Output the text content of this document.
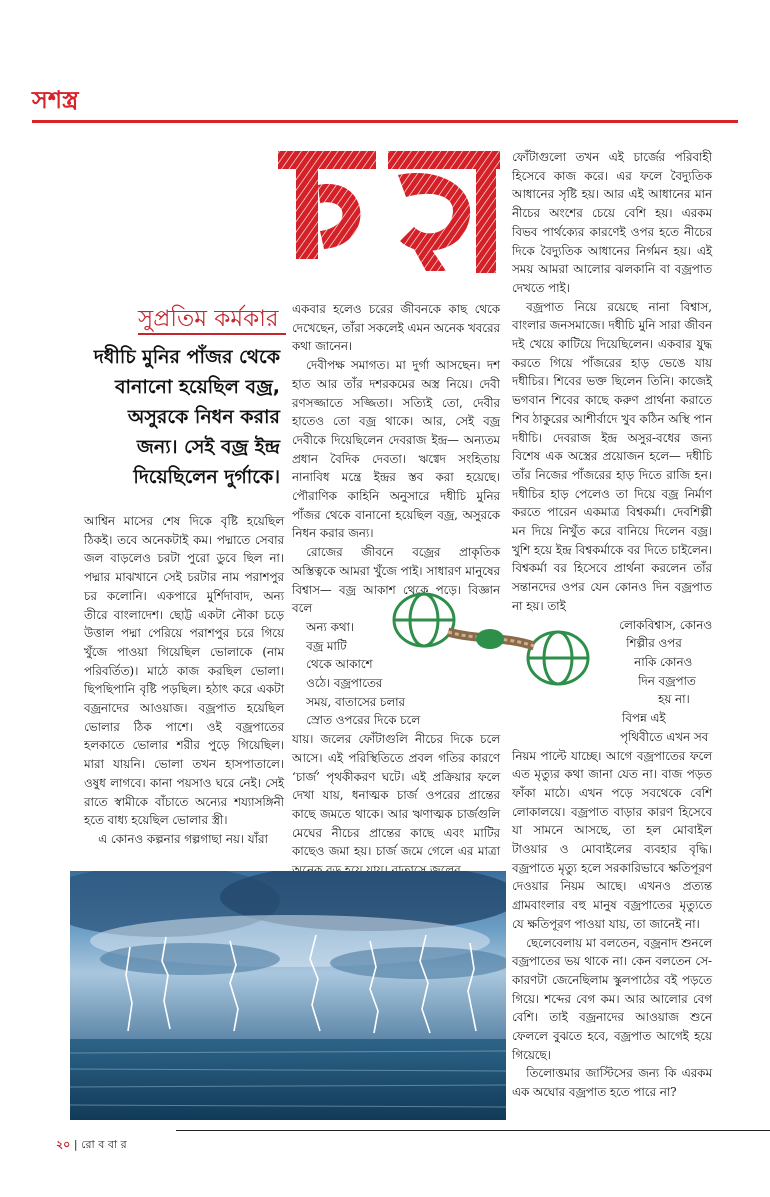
সশস্ত্র
সুপ্রতিম কর্মকার
দধীচি মুনির পাঁজর থেকে বানানো হয়েছিল বজ্র, অসুরকে নিধন করার জন্য। সেই বজ্র ইন্দ্র দিয়েছিলেন দুর্গাকে।

আশ্বিন মাসের শেষ দিকে বৃষ্টি হয়েছিল ঠিকই। তবে অনেকটাই কম। পদ্মাতে সেবার জল বাড়লেও চরটা পুরো ডুবে ছিল না। পদ্মার মাঝখানে সেই চরটার নাম পরাশপুর চর কলোনি। একপারে মুর্শিদাবাদ, অন্য তীরে বাংলাদেশ। ছোট্ট একটা নৌকা চড়ে উত্তাল পদ্মা পেরিয়ে পরাশপুর চরে গিয়ে খুঁজে পাওয়া গিয়েছিল ভোলাকে (নাম পরিবর্তিত)। মাঠে কাজ করছিল ভোলা। ছিপছিপানি বৃষ্টি পড়ছিল। হঠাৎ করে একটা বজ্রনাদের আওয়াজ। বজ্রপাত হয়েছিল ভোলার ঠিক পাশে। ওই বজ্রপাতের হলকাতে ভোলার শরীর পুড়ে গিয়েছিল। মারা যায়নি। ভোলা তখন হাসপাতালে। ওষুধ লাগবে। কানা পয়সাও ঘরে নেই। সেই রাতে স্বামীকে বাঁচাতে অন্যের শয্যাসঙ্গিনী হতে বাধ্য হয়েছিল ভোলার স্ত্রী।

এ কোনও কল্পনার গল্পগাছা নয়। যাঁরা

একবার হলেও চরের জীবনকে কাছ থেকে দেখেছেন, তাঁরা সকলেই এমন অনেক খবরের কথা জানেন।

দেবীপক্ষ সমাগত। মা দুর্গা আসছেন। দশ হাত আর তাঁর দশরকমের অস্ত্র নিয়ে। দেবী রণসজ্জাতে সজ্জিতা। সত্যিই তো, দেবীর হাতেও তো বজ্র থাকে। আর, সেই বজ্র দেবীকে দিয়েছিলেন দেবরাজ ইন্দ্র— অন্যতম প্রধান বৈদিক দেবতা। ঋগ্বেদ সংহিতায় নানাবিধ মন্ত্রে ইন্দ্রর স্তব করা হয়েছে। পৌরাণিক কাহিনি অনুসারে দধীচি মুনির পাঁজর থেকে বানানো হয়েছিল বজ্র, অসুরকে নিধন করার জন্য।

রোজের জীবনে বজ্রের প্রাকৃতিক অস্তিত্বকে আমরা খুঁজে পাই। সাধারণ মানুষের বিশ্বাস— বজ্র আকাশ থেকে পড়ে। বিজ্ঞান বলে
অন্য কথা।
বজ্র মাটি
থেকে আকাশে
ওঠে। বজ্রপাতের
সময়, বাতাসের চলার
স্রোত ওপরের দিকে চলে
যায়। জলের ফোঁটাগুলি নীচের দিকে চলে আসে। এই পরিস্থিতিতে প্রবল গতির কারণে ‘চার্জ’ পৃথকীকরণ ঘটে। এই প্রক্রিয়ার ফলে দেখা যায়, ধনাত্মক চার্জ ওপরের প্রান্তের কাছে জমতে থাকে। আর ঋণাত্মক চার্জগুলি মেঘের নীচের প্রান্তের কাছে এবং মাটির কাছেও জমা হয়। চার্জ জমে গেলে এর মাত্রা

ফোঁটাগুলো তখন এই চার্জের পরিবাহী হিসেবে কাজ করে। এর ফলে বৈদ্যুতিক আধানের সৃষ্টি হয়। আর এই আধানের মান নীচের অংশের চেয়ে বেশি হয়। এরকম বিভব পার্থক্যের কারণেই ওপর হতে নীচের দিকে বৈদ্যুতিক আধানের নির্গমন হয়। এই সময় আমরা আলোর ঝলকানি বা বজ্রপাত দেখতে পাই।

বজ্রপাত নিয়ে রয়েছে নানা বিশ্বাস, বাংলার জনসমাজে। দধীচি মুনি সারা জীবন দই খেয়ে কাটিয়ে দিয়েছিলেন। একবার যুদ্ধ করতে গিয়ে পাঁজরের হাড় ভেঙে যায় দধীচির। শিবের ভক্ত ছিলেন তিনি। কাজেই ভগবান শিবের কাছে করুণ প্রার্থনা করাতে শিব ঠাকুরের আশীর্বাদে খুব কঠিন অস্থি পান দধীচি। দেবরাজ ইন্দ্র অসুর-বধের জন্য বিশেষ এক অস্ত্রের প্রয়োজন হলে— দধীচি তাঁর নিজের পাঁজরের হাড় দিতে রাজি হন। দধীচির হাড় পেলেও তা দিয়ে বজ্র নির্মাণ করতে পারেন একমাত্র বিশ্বকর্মা। দেবশিল্পী মন দিয়ে নিখুঁত করে বানিয়ে দিলেন বজ্র। খুশি হয়ে ইন্দ্র বিশ্বকর্মাকে বর দিতে চাইলেন। বিশ্বকর্মা বর হিসেবে প্রার্থনা করলেন তাঁর সন্তানদের ওপর যেন কোনও দিন বজ্রপাত না হয়। তাই
লোকবিশ্বাস, কোনও
শিল্পীর ওপর
নাকি কোনও
দিন বজ্রপাত
হয় না।

বিপন্ন এই
পৃথিবীতে এখন সব
নিয়ম পাল্টে যাচ্ছে। আগে বজ্রপাতের ফলে এত মৃত্যুর কথা জানা যেত না। বাজ পড়ত ফাঁকা মাঠে। এখন পড়ে সবথেকে বেশি লোকালয়ে। বজ্রপাত বাড়ার কারণ হিসেবে যা সামনে আসছে, তা হল মোবাইল টাওয়ার ও মোবাইলের ব্যবহার বৃদ্ধি। বজ্রপাতে মৃত্যু হলে সরকারিভাবে ক্ষতিপূরণ দেওয়ার নিয়ম আছে। এখনও প্রত্যন্ত গ্রামবাংলার বহু মানুষ বজ্রপাতের মৃত্যুতে যে ক্ষতিপূরণ পাওয়া যায়, তা জানেই না।

ছেলেবেলায় মা বলতেন, বজ্রনাদ শুনলে বজ্রপাতের ভয় থাকে না। কেন বলতেন সে-কারণটা জেনেছিলাম স্কুলপাঠের বই পড়তে গিয়ে। শব্দের বেগ কম। আর আলোর বেগ বেশি। তাই বজ্রনাদের আওয়াজ শুনে ফেললে বুঝতে হবে, বজ্রপাত আগেই হয়ে গিয়েছে।

তিলোত্তমার জাস্টিসের জন্য কি এরকম এক অঘোর বজ্রপাত হতে পারে না?

২০ | রো ব বা র
